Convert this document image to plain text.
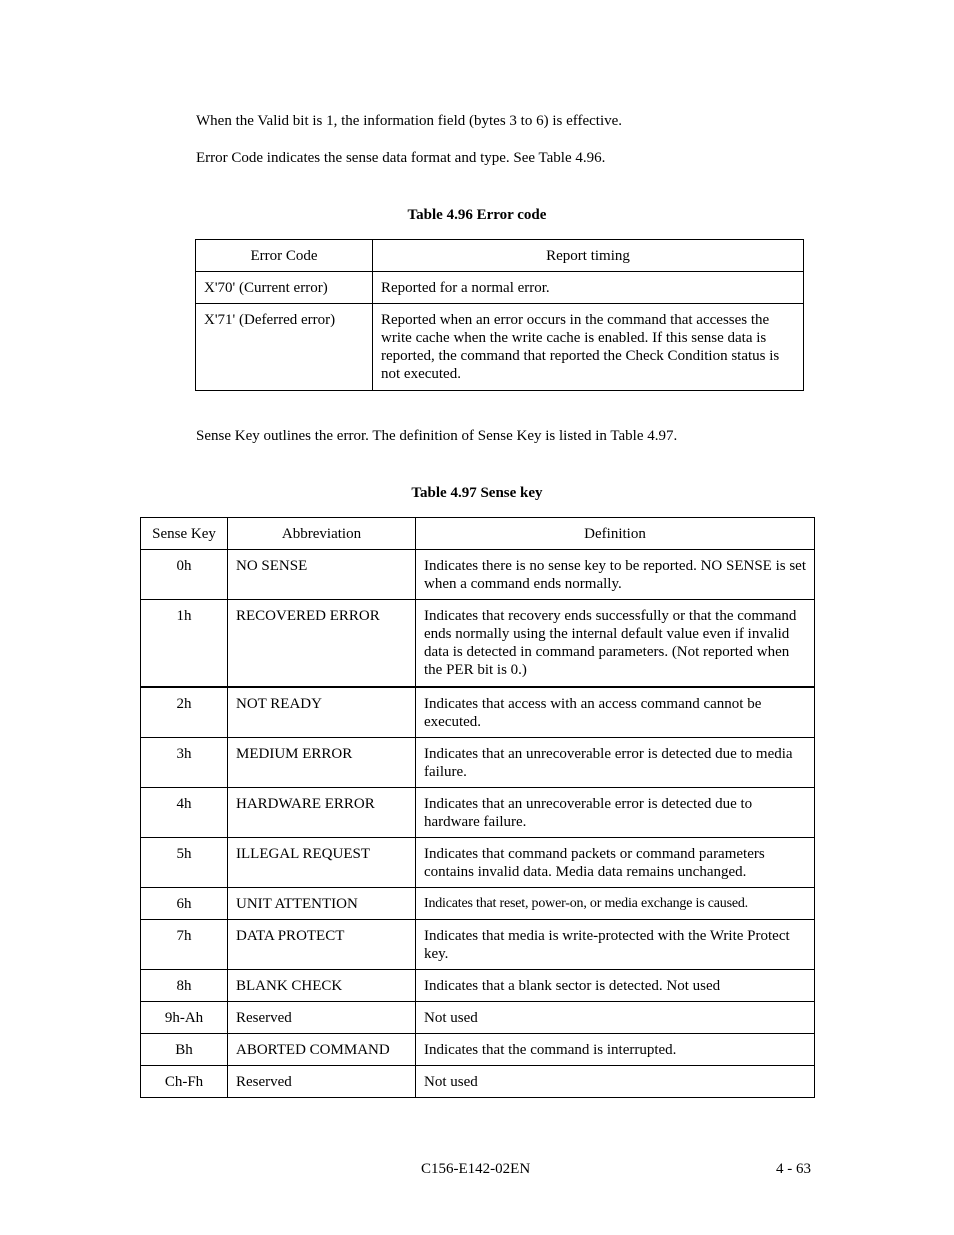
When the Valid bit is 1, the information field (bytes 3 to 6) is effective.

Error Code indicates the sense data format and type. See Table 4.96.

Table 4.96 Error code

Error Code	Report timing
X'70' (Current error)	Reported for a normal error.
X'71' (Deferred error)	Reported when an error occurs in the command that accesses the write cache when the write cache is enabled. If this sense data is reported, the command that reported the Check Condition status is not executed.

Sense Key outlines the error. The definition of Sense Key is listed in Table 4.97.

Table 4.97 Sense key

Sense Key	Abbreviation	Definition
0h	NO SENSE	Indicates there is no sense key to be reported. NO SENSE is set when a command ends normally.
1h	RECOVERED ERROR	Indicates that recovery ends successfully or that the command ends normally using the internal default value even if invalid data is detected in command parameters. (Not reported when the PER bit is 0.)
2h	NOT READY	Indicates that access with an access command cannot be executed.
3h	MEDIUM ERROR	Indicates that an unrecoverable error is detected due to media failure.
4h	HARDWARE ERROR	Indicates that an unrecoverable error is detected due to hardware failure.
5h	ILLEGAL REQUEST	Indicates that command packets or command parameters contains invalid data. Media data remains unchanged.
6h	UNIT ATTENTION	Indicates that reset, power-on, or media exchange is caused.
7h	DATA PROTECT	Indicates that media is write-protected with the Write Protect key.
8h	BLANK CHECK	Indicates that a blank sector is detected. Not used
9h-Ah	Reserved	Not used
Bh	ABORTED COMMAND	Indicates that the command is interrupted.
Ch-Fh	Reserved	Not used

C156-E142-02EN	4 - 63
